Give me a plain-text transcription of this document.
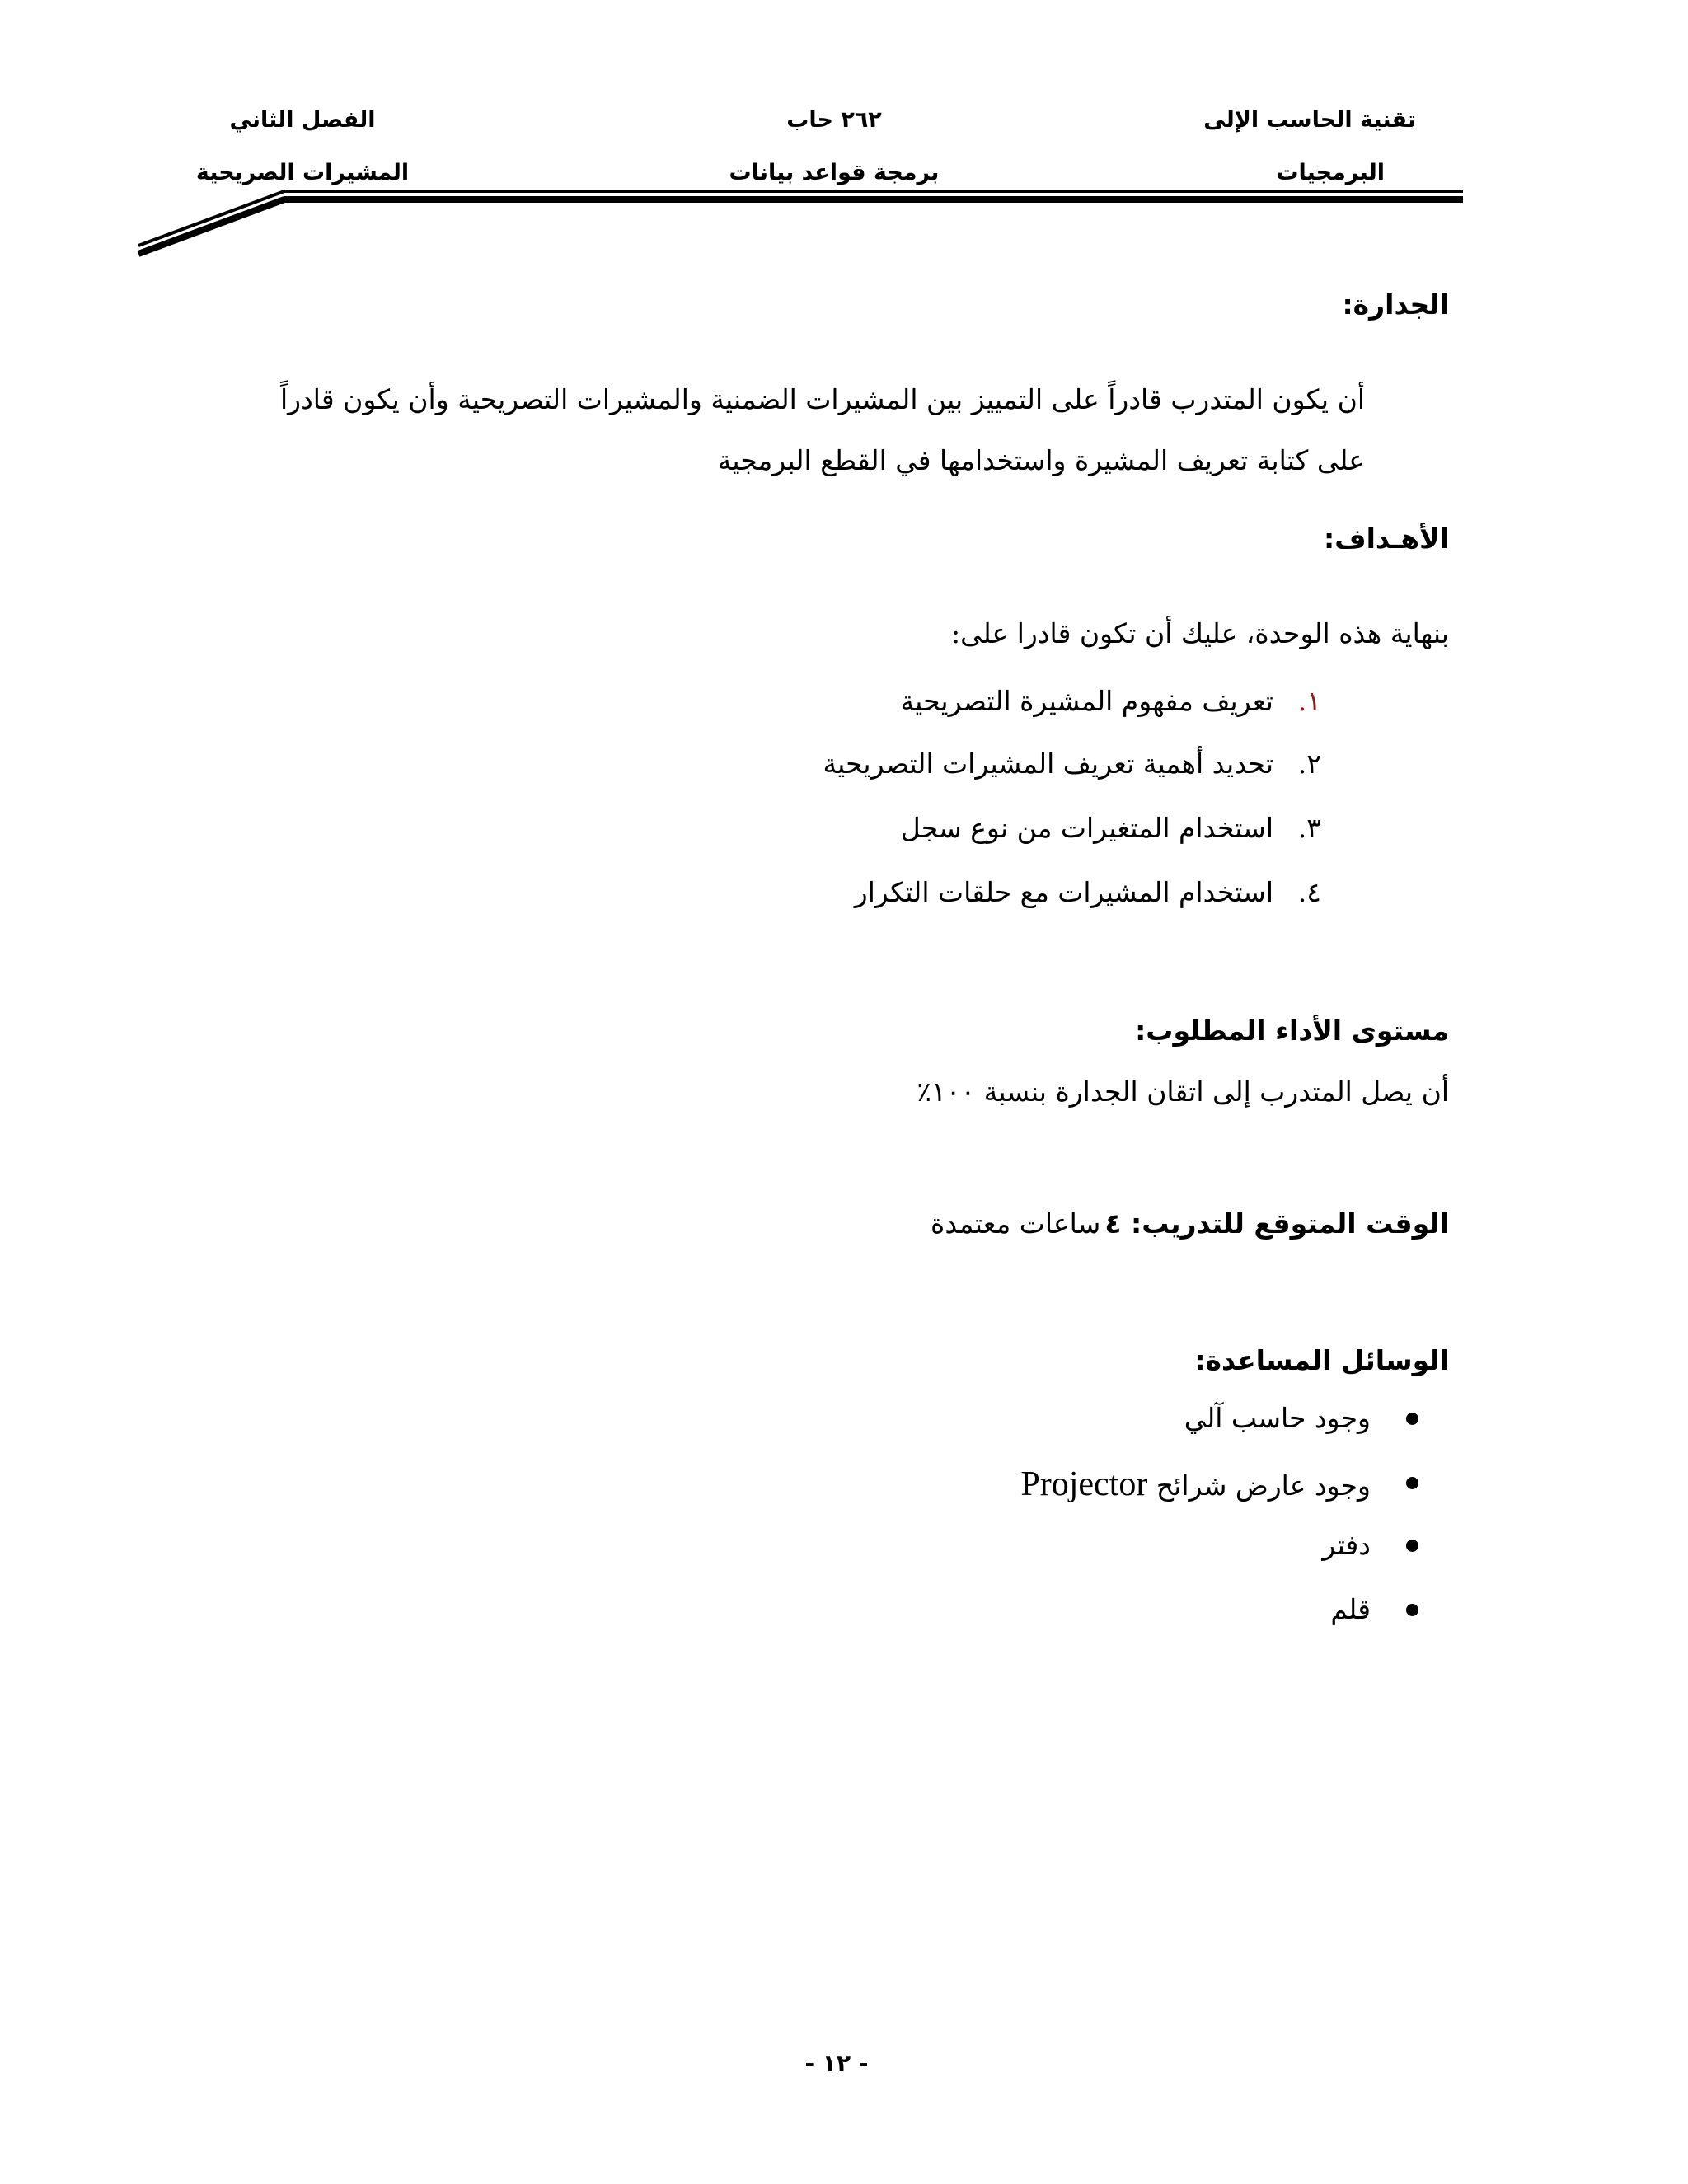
تقنية الحاسب الإلى
البرمجيات
٢٦٢ حاب
برمجة قواعد بيانات
الفصل الثاني
المشيرات الصريحية
الجدارة:
أن يكون المتدرب قادراً على التمييز بين المشيرات الضمنية والمشيرات التصريحية وأن يكون قادراً
على كتابة تعريف المشيرة واستخدامها في القطع البرمجية
الأهـداف:
بنهاية هذه الوحدة، عليك أن تكون قادرا على:
١.
تعريف مفهوم المشيرة التصريحية
٢.
تحديد أهمية تعريف المشيرات التصريحية
٣.
استخدام المتغيرات من نوع سجل
٤.
استخدام المشيرات مع حلقات التكرار
مستوى الأداء المطلوب:
أن يصل المتدرب إلى اتقان الجدارة بنسبة ١٠٠٪
الوقت المتوقع للتدريب: ٤ ساعات معتمدة
الوسائل المساعدة:
وجود حاسب آلي
وجود عارض شرائح Projector
دفتر
قلم
- ١٢ -
